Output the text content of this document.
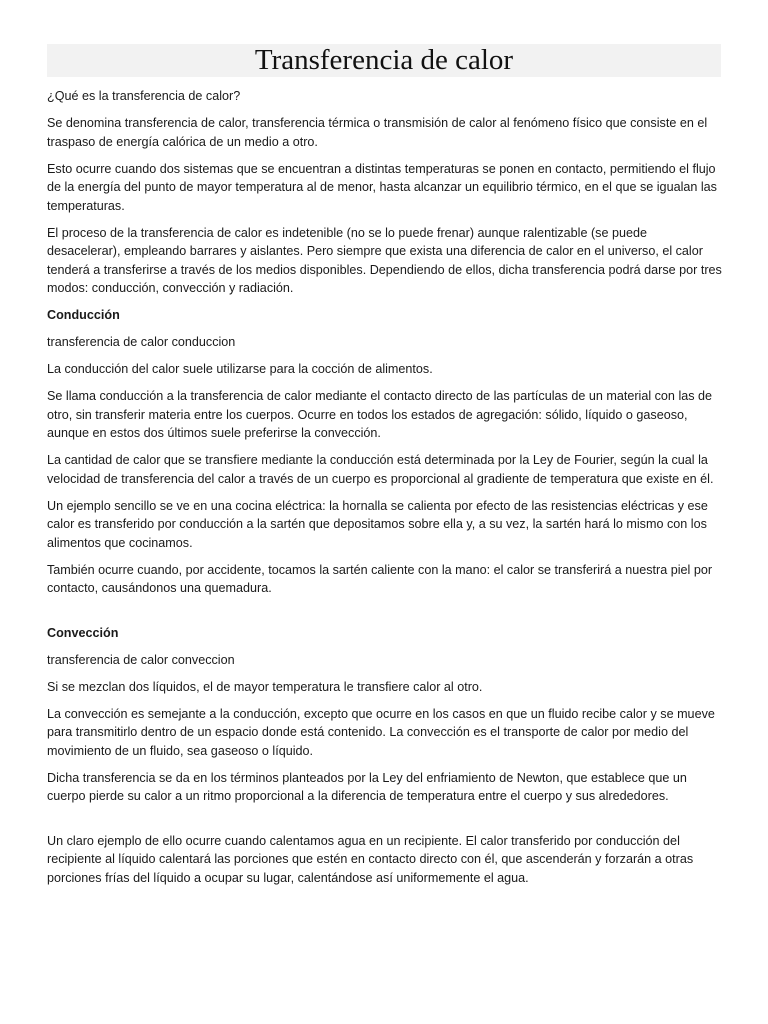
Transferencia de calor

¿Qué es la transferencia de calor?

Se denomina transferencia de calor, transferencia térmica o transmisión de calor al fenómeno físico que consiste en el traspaso de energía calórica de un medio a otro.

Esto ocurre cuando dos sistemas que se encuentran a distintas temperaturas se ponen en contacto, permitiendo el flujo de la energía del punto de mayor temperatura al de menor, hasta alcanzar un equilibrio térmico, en el que se igualan las temperaturas.

El proceso de la transferencia de calor es indetenible (no se lo puede frenar) aunque ralentizable (se puede desacelerar), empleando barrares y aislantes. Pero siempre que exista una diferencia de calor en el universo, el calor tenderá a transferirse a través de los medios disponibles. Dependiendo de ellos, dicha transferencia podrá darse por tres modos: conducción, convección y radiación.

Conducción

transferencia de calor conduccion

La conducción del calor suele utilizarse para la cocción de alimentos.

Se llama conducción a la transferencia de calor mediante el contacto directo de las partículas de un material con las de otro, sin transferir materia entre los cuerpos. Ocurre en todos los estados de agregación: sólido, líquido o gaseoso, aunque en estos dos últimos suele preferirse la convección.

La cantidad de calor que se transfiere mediante la conducción está determinada por la Ley de Fourier, según la cual la velocidad de transferencia del calor a través de un cuerpo es proporcional al gradiente de temperatura que existe en él.

Un ejemplo sencillo se ve en una cocina eléctrica: la hornalla se calienta por efecto de las resistencias eléctricas y ese calor es transferido por conducción a la sartén que depositamos sobre ella y, a su vez, la sartén hará lo mismo con los alimentos que cocinamos.

También ocurre cuando, por accidente, tocamos la sartén caliente con la mano: el calor se transferirá a nuestra piel por contacto, causándonos una quemadura.

Convección

transferencia de calor conveccion

Si se mezclan dos líquidos, el de mayor temperatura le transfiere calor al otro.

La convección es semejante a la conducción, excepto que ocurre en los casos en que un fluido recibe calor y se mueve para transmitirlo dentro de un espacio donde está contenido. La convección es el transporte de calor por medio del movimiento de un fluido, sea gaseoso o líquido.

Dicha transferencia se da en los términos planteados por la Ley del enfriamiento de Newton, que establece que un cuerpo pierde su calor a un ritmo proporcional a la diferencia de temperatura entre el cuerpo y sus alrededores.

Un claro ejemplo de ello ocurre cuando calentamos agua en un recipiente. El calor transferido por conducción del recipiente al líquido calentará las porciones que estén en contacto directo con él, que ascenderán y forzarán a otras porciones frías del líquido a ocupar su lugar, calentándose así uniformemente el agua.
